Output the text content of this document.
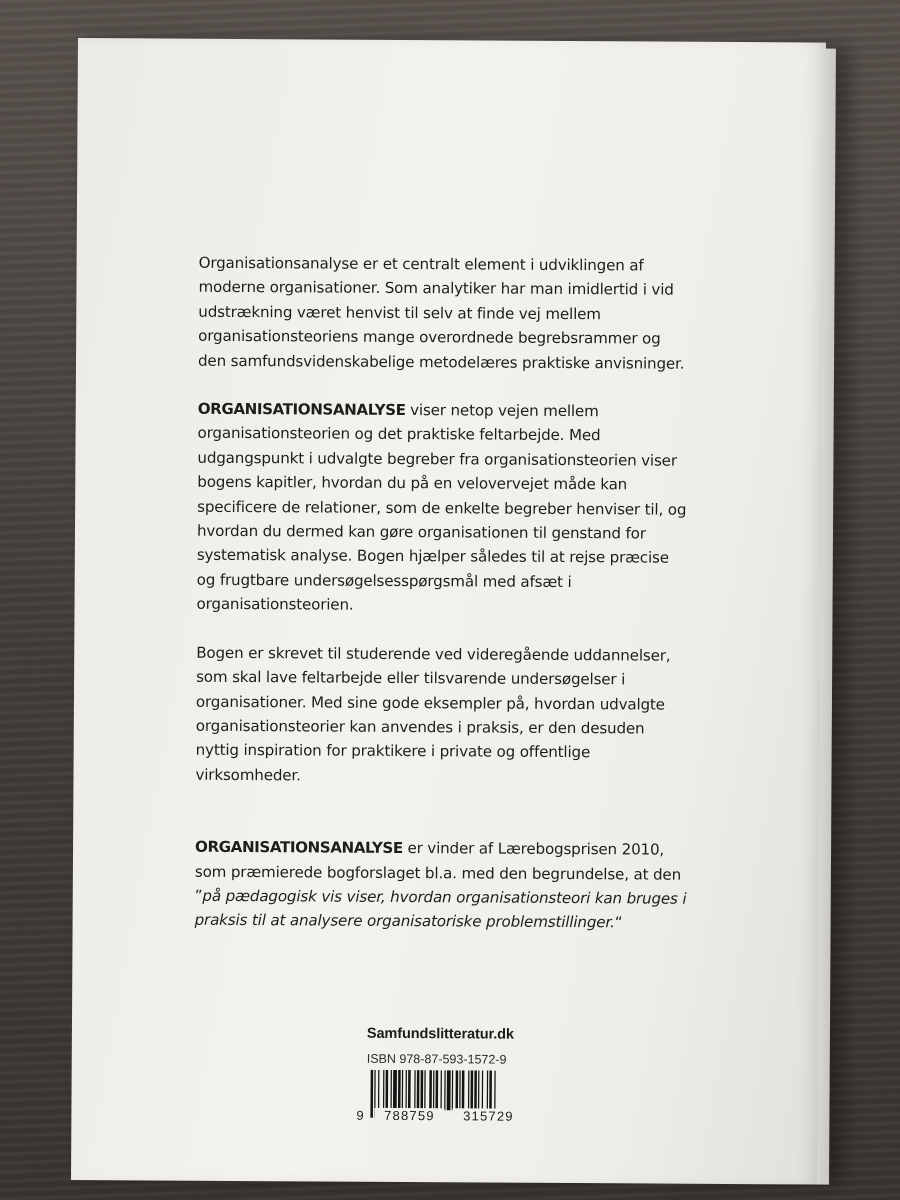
Organisationsanalyse er et centralt element i udviklingen af moderne organisationer. Som analytiker har man imidlertid i vid udstrækning været henvist til selv at finde vej mellem organisationsteoriens mange overordnede begrebsrammer og den samfundsvidenskabelige metodelæres praktiske anvisninger.

ORGANISATIONSANALYSE viser netop vejen mellem organisationsteorien og det praktiske feltarbejde. Med udgangspunkt i udvalgte begreber fra organisationsteorien viser bogens kapitler, hvordan du på en velovervejet måde kan specificere de relationer, som de enkelte begreber henviser til, og hvordan du dermed kan gøre organisationen til genstand for systematisk analyse. Bogen hjælper således til at rejse præcise og frugtbare undersøgelsesspørgsmål med afsæt i organisationsteorien.

Bogen er skrevet til studerende ved videregående uddannelser, som skal lave feltarbejde eller tilsvarende undersøgelser i organisationer. Med sine gode eksempler på, hvordan udvalgte organisationsteorier kan anvendes i praksis, er den desuden nyttig inspiration for praktikere i private og offentlige virksomheder.

ORGANISATIONSANALYSE er vinder af Lærebogsprisen 2010, som præmierede bogforslaget bl.a. med den begrundelse, at den ”på pædagogisk vis viser, hvordan organisationsteori kan bruges i praksis til at analysere organisatoriske problemstillinger.“

Samfundslitteratur.dk
ISBN 978-87-593-1572-9
9	788759	315729
